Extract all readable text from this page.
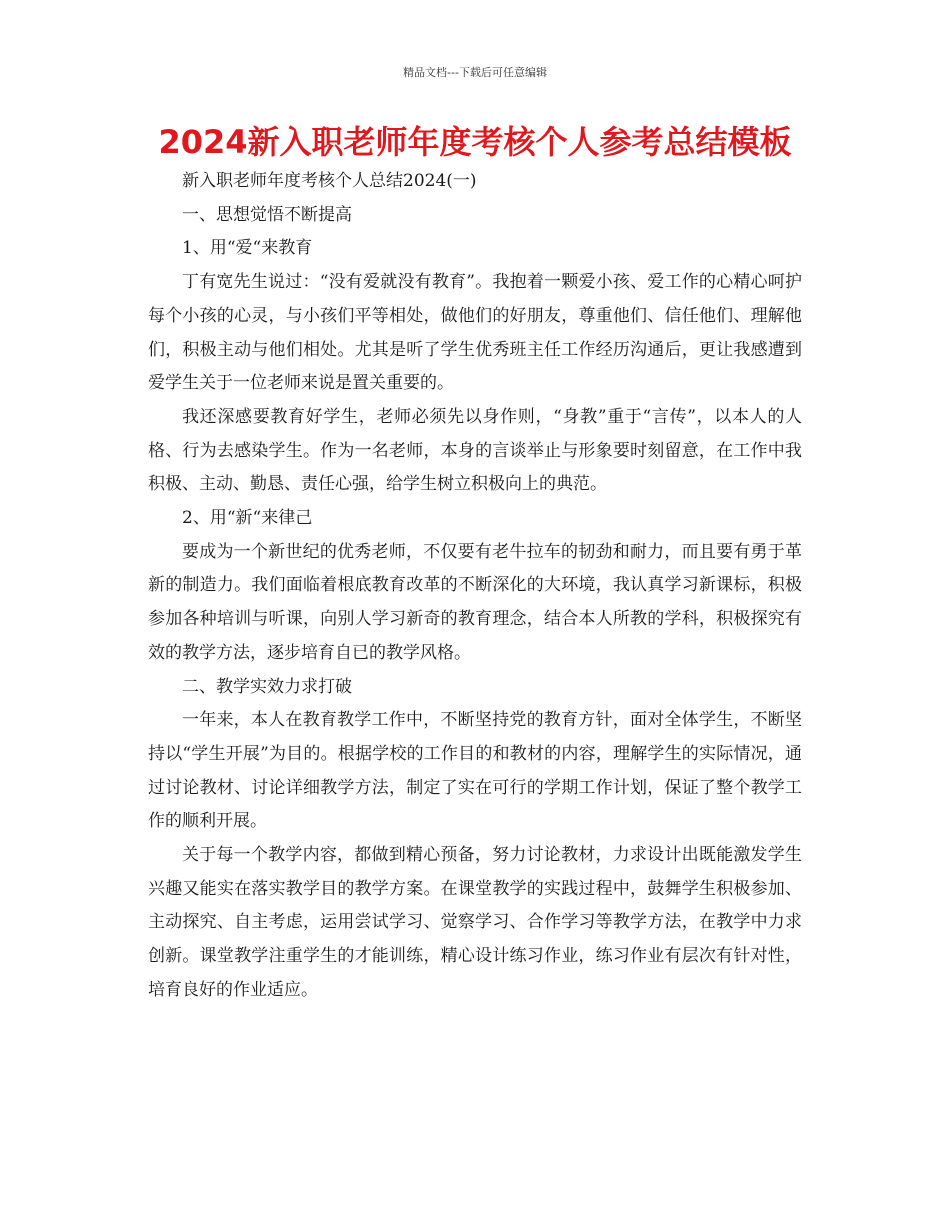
精品文档---下载后可任意编辑
2024新入职老师年度考核个人参考总结模板

新入职老师年度考核个人总结2024(一)

一、思想觉悟不断提高

1、用“爱“来教育

丁有宽先生说过：“没有爱就没有教育”。我抱着一颗爱小孩、爱工作的心精心呵护每个小孩的心灵，与小孩们平等相处，做他们的好朋友，尊重他们、信任他们、理解他们，积极主动与他们相处。尤其是听了学生优秀班主任工作经历沟通后，更让我感遭到爱学生关于一位老师来说是置关重要的。

我还深感要教育好学生，老师必须先以身作则，“身教”重于“言传”，以本人的人格、行为去感染学生。作为一名老师，本身的言谈举止与形象要时刻留意，在工作中我积极、主动、勤恳、责任心强，给学生树立积极向上的典范。

2、用“新“来律己

要成为一个新世纪的优秀老师，不仅要有老牛拉车的韧劲和耐力，而且要有勇于革新的制造力。我们面临着根底教育改革的不断深化的大环境，我认真学习新课标，积极参加各种培训与听课，向别人学习新奇的教育理念，结合本人所教的学科，积极探究有效的教学方法，逐步培育自已的教学风格。

二、教学实效力求打破

一年来，本人在教育教学工作中，不断坚持党的教育方针，面对全体学生，不断坚持以“学生开展”为目的。根据学校的工作目的和教材的内容，理解学生的实际情况，通过讨论教材、讨论详细教学方法，制定了实在可行的学期工作计划，保证了整个教学工作的顺利开展。

关于每一个教学内容，都做到精心预备，努力讨论教材，力求设计出既能激发学生兴趣又能实在落实教学目的教学方案。在课堂教学的实践过程中，鼓舞学生积极参加、主动探究、自主考虑，运用尝试学习、觉察学习、合作学习等教学方法，在教学中力求创新。课堂教学注重学生的才能训练，精心设计练习作业，练习作业有层次有针对性，培育良好的作业适应。
